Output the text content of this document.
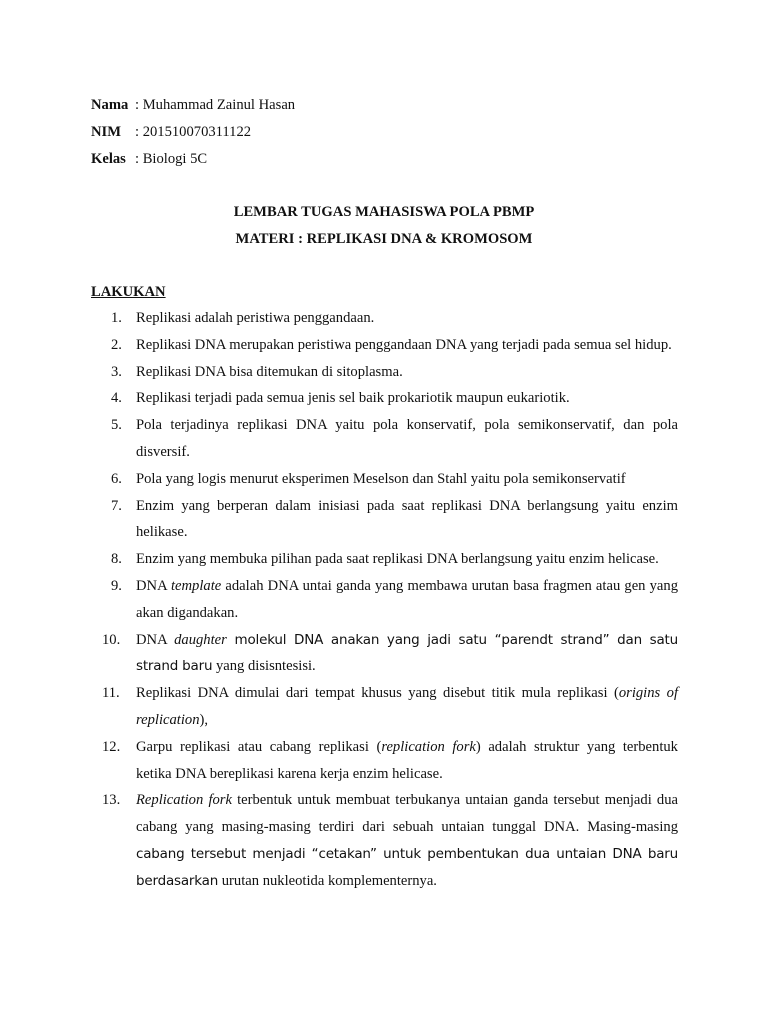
Nama : Muhammad Zainul Hasan
NIM : 201510070311122
Kelas : Biologi 5C
LEMBAR TUGAS MAHASISWA POLA PBMP
MATERI : REPLIKASI DNA & KROMOSOM
LAKUKAN
1. Replikasi adalah peristiwa penggandaan.
2. Replikasi DNA merupakan peristiwa penggandaan DNA yang terjadi pada semua sel hidup.
3. Replikasi DNA bisa ditemukan di sitoplasma.
4. Replikasi terjadi pada semua jenis sel baik prokariotik maupun eukariotik.
5. Pola terjadinya replikasi DNA yaitu pola konservatif, pola semikonservatif, dan pola disversif.
6. Pola yang logis menurut eksperimen Meselson dan Stahl yaitu pola semikonservatif
7. Enzim yang berperan dalam inisiasi pada saat replikasi DNA berlangsung yaitu enzim helikase.
8. Enzim yang membuka pilihan pada saat replikasi DNA berlangsung yaitu enzim helicase.
9. DNA template adalah DNA untai ganda yang membawa urutan basa fragmen atau gen yang akan digandakan.
10.	DNA daughter molekul DNA anakan yang jadi satu “parendt strand” dan satu strand baru yang disisntesisi.
11.	Replikasi DNA dimulai dari tempat khusus yang disebut titik mula replikasi (origins of replication),
12.	Garpu replikasi atau cabang replikasi (replication fork) adalah struktur yang terbentuk ketika DNA bereplikasi karena kerja enzim helicase.
13.	Replication fork terbentuk untuk membuat terbukanya untaian ganda tersebut menjadi dua cabang yang masing-masing terdiri dari sebuah untaian tunggal DNA. Masing-masing cabang tersebut menjadi “cetakan” untuk pembentukan dua untaian DNA baru berdasarkan urutan nukleotida komplementernya.
